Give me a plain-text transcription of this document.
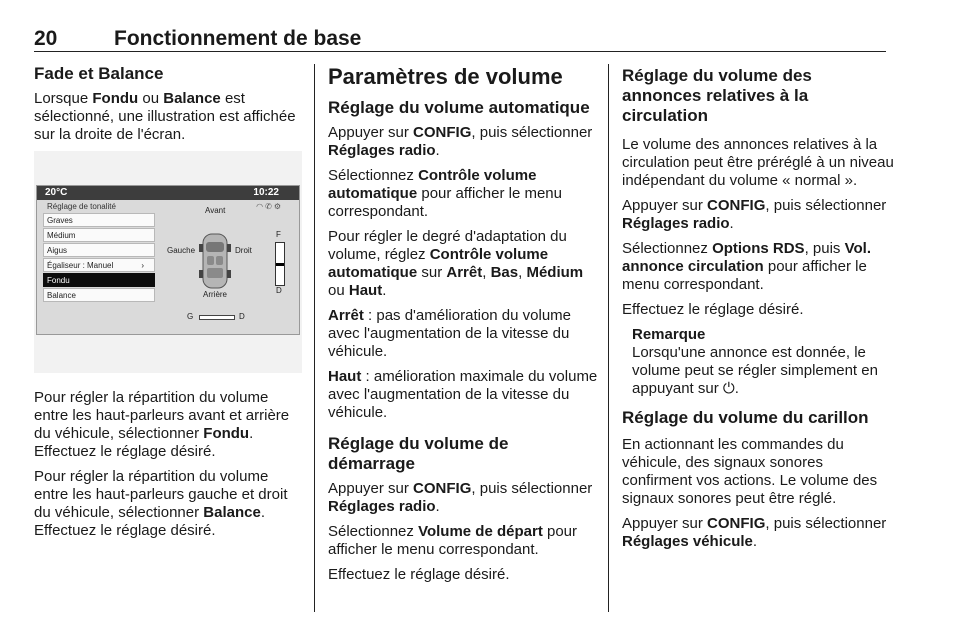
20	Fonctionnement de base
Fade et Balance

Lorsque Fondu ou Balance est sélectionné, une illustration est affichée sur la droite de l'écran.

20°C	10:22
Réglage de tonalité	◠✆⚙
Graves
Médium
Aigus
Égaliseur : Manuel	›
Fondu
Balance
Avant
Gauche	Droit
Arrière
F
D
G	D

Pour régler la répartition du volume entre les haut-parleurs avant et arrière du véhicule, sélectionner Fondu. Effectuez le réglage désiré.

Pour régler la répartition du volume entre les haut-parleurs gauche et droit du véhicule, sélectionner Balance. Effectuez le réglage désiré.

Paramètres de volume
Réglage du volume automatique

Appuyer sur CONFIG, puis sélectionner Réglages radio.

Sélectionnez Contrôle volume automatique pour afficher le menu correspondant.

Pour régler le degré d'adaptation du volume, réglez Contrôle volume automatique sur Arrêt, Bas, Médium ou Haut.

Arrêt : pas d'amélioration du volume avec l'augmentation de la vitesse du véhicule.

Haut : amélioration maximale du volume avec l'augmentation de la vitesse du véhicule.

Réglage du volume de démarrage

Appuyer sur CONFIG, puis sélectionner Réglages radio.

Sélectionnez Volume de départ pour afficher le menu correspondant.

Effectuez le réglage désiré.

Réglage du volume des annonces relatives à la circulation

Le volume des annonces relatives à la circulation peut être préréglé à un niveau indépendant du volume « normal ».

Appuyer sur CONFIG, puis sélectionner Réglages radio.

Sélectionnez Options RDS, puis Vol. annonce circulation pour afficher le menu correspondant.

Effectuez le réglage désiré.

Remarque
Lorsqu'une annonce est donnée, le volume peut se régler simplement en appuyant sur ⏻.
Réglage du volume du carillon

En actionnant les commandes du véhicule, des signaux sonores confirment vos actions. Le volume des signaux sonores peut être réglé.

Appuyer sur CONFIG, puis sélectionner Réglages véhicule.
